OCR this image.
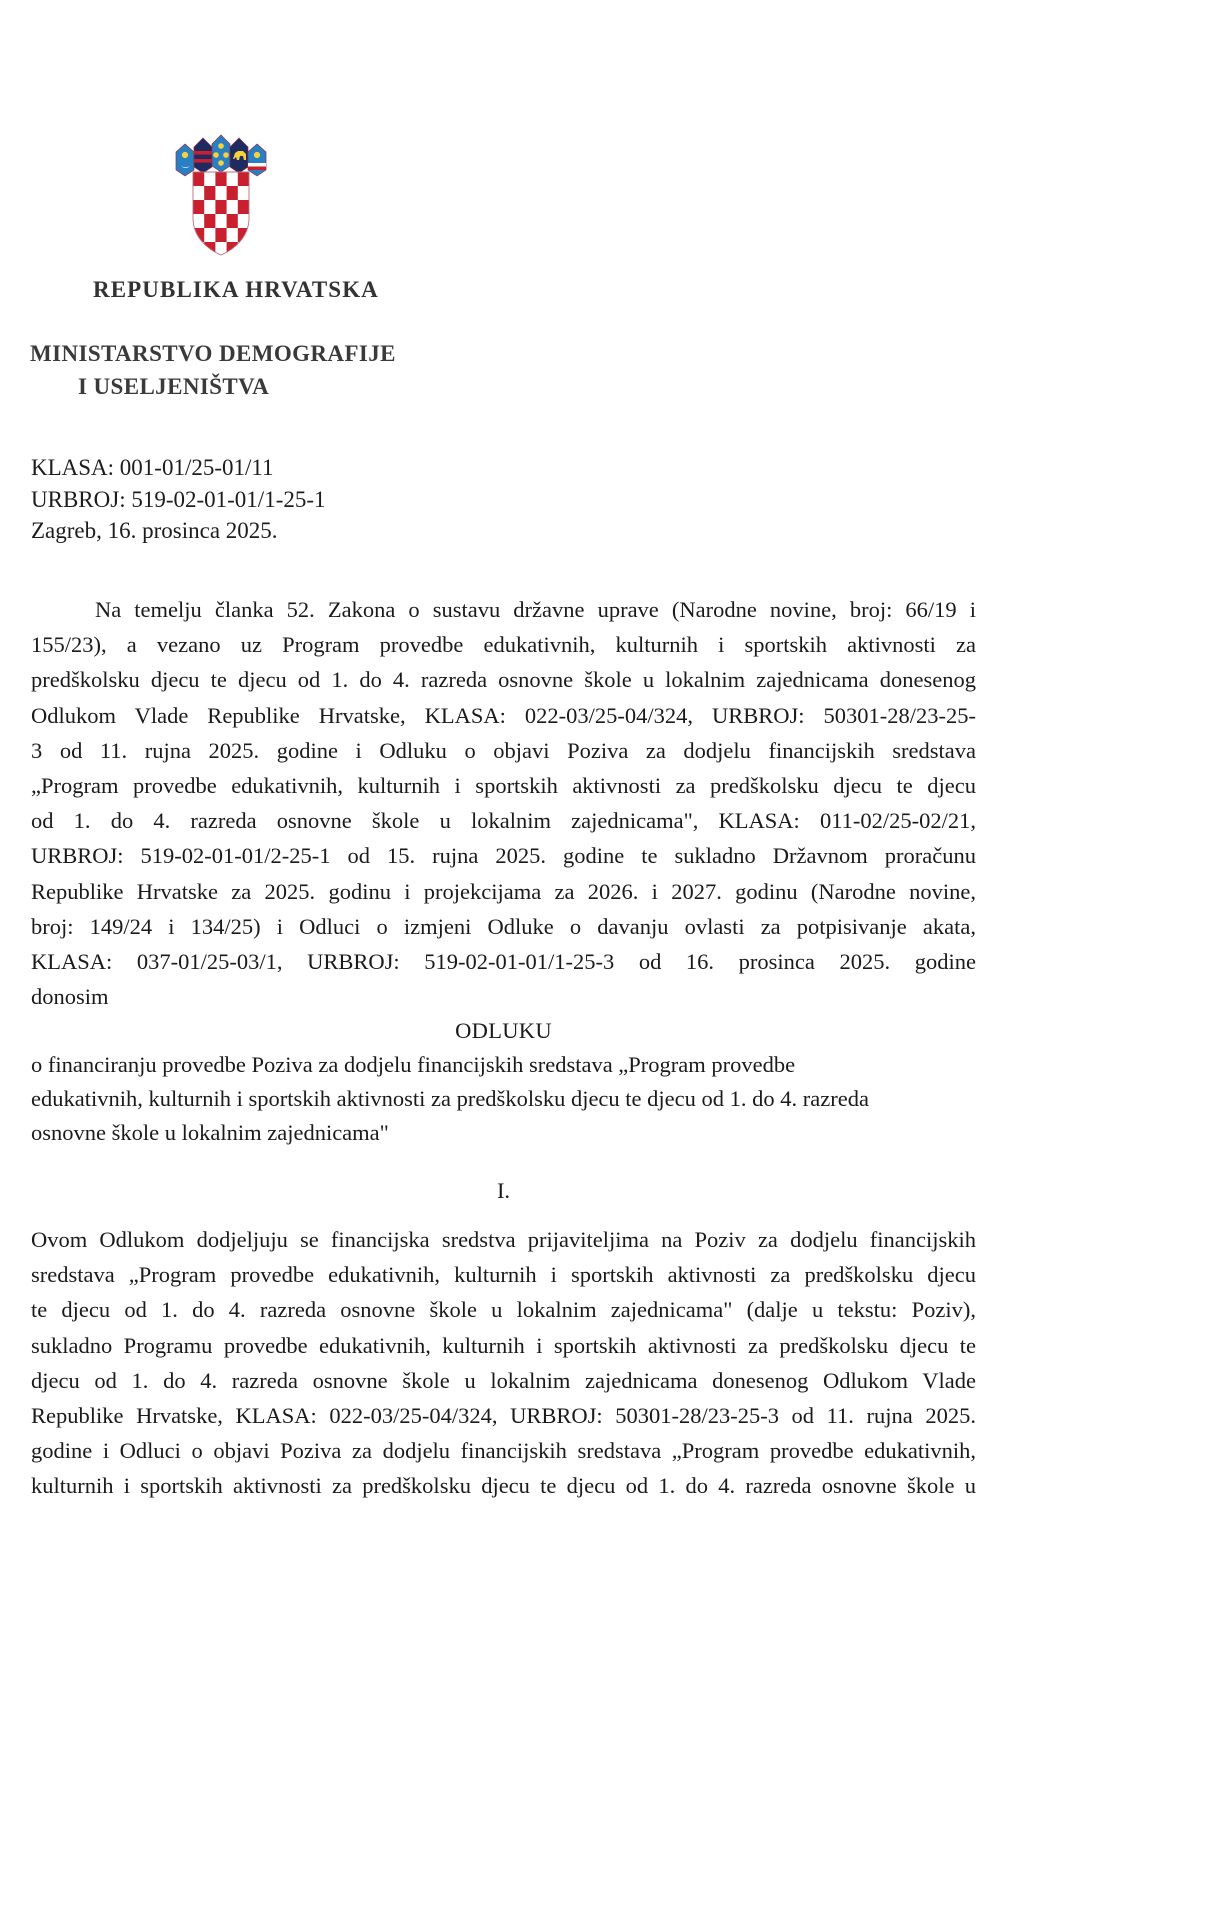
REPUBLIKA HRVATSKA
MINISTARSTVO DEMOGRAFIJE
I USELJENIŠTVA
KLASA: 001-01/25-01/11
URBROJ: 519-02-01-01/1-25-1
Zagreb, 16. prosinca 2025.
Na temelju članka 52. Zakona o sustavu državne uprave (Narodne novine, broj: 66/19 i
155/23), a vezano uz Program provedbe edukativnih, kulturnih i sportskih aktivnosti za
predškolsku djecu te djecu od 1. do 4. razreda osnovne škole u lokalnim zajednicama donesenog
Odlukom Vlade Republike Hrvatske, KLASA: 022-03/25-04/324, URBROJ: 50301-28/23-25-
3 od 11. rujna 2025. godine i Odluku o objavi Poziva za dodjelu financijskih sredstava
„Program provedbe edukativnih, kulturnih i sportskih aktivnosti za predškolsku djecu te djecu
od 1. do 4. razreda osnovne škole u lokalnim zajednicama", KLASA: 011-02/25-02/21,
URBROJ: 519-02-01-01/2-25-1 od 15. rujna 2025. godine te sukladno Državnom proračunu
Republike Hrvatske za 2025. godinu i projekcijama za 2026. i 2027. godinu (Narodne novine,
broj: 149/24 i 134/25) i Odluci o izmjeni Odluke o davanju ovlasti za potpisivanje akata,
KLASA: 037-01/25-03/1, URBROJ: 519-02-01-01/1-25-3 od 16. prosinca 2025. godine
donosim
ODLUKU
o financiranju provedbe Poziva za dodjelu financijskih sredstava „Program provedbe
edukativnih, kulturnih i sportskih aktivnosti za predškolsku djecu te djecu od 1. do 4. razreda
osnovne škole u lokalnim zajednicama"
I.
Ovom Odlukom dodjeljuju se financijska sredstva prijaviteljima na Poziv za dodjelu financijskih
sredstava „Program provedbe edukativnih, kulturnih i sportskih aktivnosti za predškolsku djecu
te djecu od 1. do 4. razreda osnovne škole u lokalnim zajednicama" (dalje u tekstu: Poziv),
sukladno Programu provedbe edukativnih, kulturnih i sportskih aktivnosti za predškolsku djecu te
djecu od 1. do 4. razreda osnovne škole u lokalnim zajednicama donesenog Odlukom Vlade
Republike Hrvatske, KLASA: 022-03/25-04/324, URBROJ: 50301-28/23-25-3 od 11. rujna 2025.
godine i Odluci o objavi Poziva za dodjelu financijskih sredstava „Program provedbe edukativnih,
kulturnih i sportskih aktivnosti za predškolsku djecu te djecu od 1. do 4. razreda osnovne škole u
